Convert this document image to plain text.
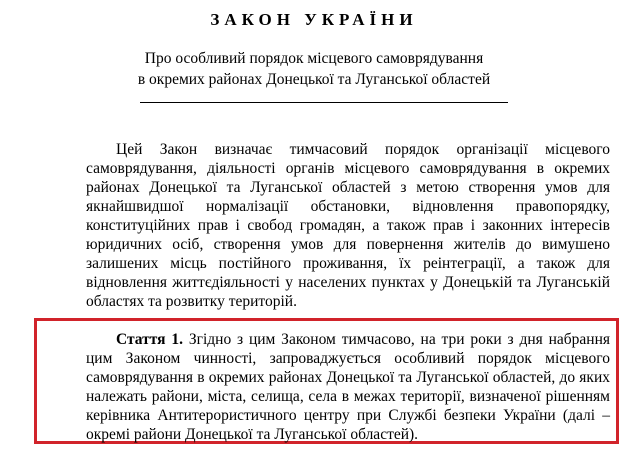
ЗАКОН УКРАЇНИ
Про особливий порядок місцевого самоврядування
в окремих районах Донецької та Луганської областей

Цей Закон визначає тимчасовий порядок організації місцевого самоврядування, діяльності органів місцевого самоврядування в окремих районах Донецької та Луганської областей з метою створення умов для якнайшвидшої нормалізації обстановки, відновлення правопорядку, конституційних прав і свобод громадян, а також прав і законних інтересів юридичних осіб, створення умов для повернення жителів до вимушено залишених місць постійного проживання, їх реінтеграції, а також для відновлення життєдіяльності у населених пунктах у Донецькій та Луганській областях та розвитку територій.

Стаття 1. Згідно з цим Законом тимчасово, на три роки з дня набрання цим Законом чинності, запроваджується особливий порядок місцевого самоврядування в окремих районах Донецької та Луганської областей, до яких належать райони, міста, селища, села в межах території, визначеної рішенням керівника Антитерористичного центру при Службі безпеки України (далі – окремі райони Донецької та Луганської областей).
